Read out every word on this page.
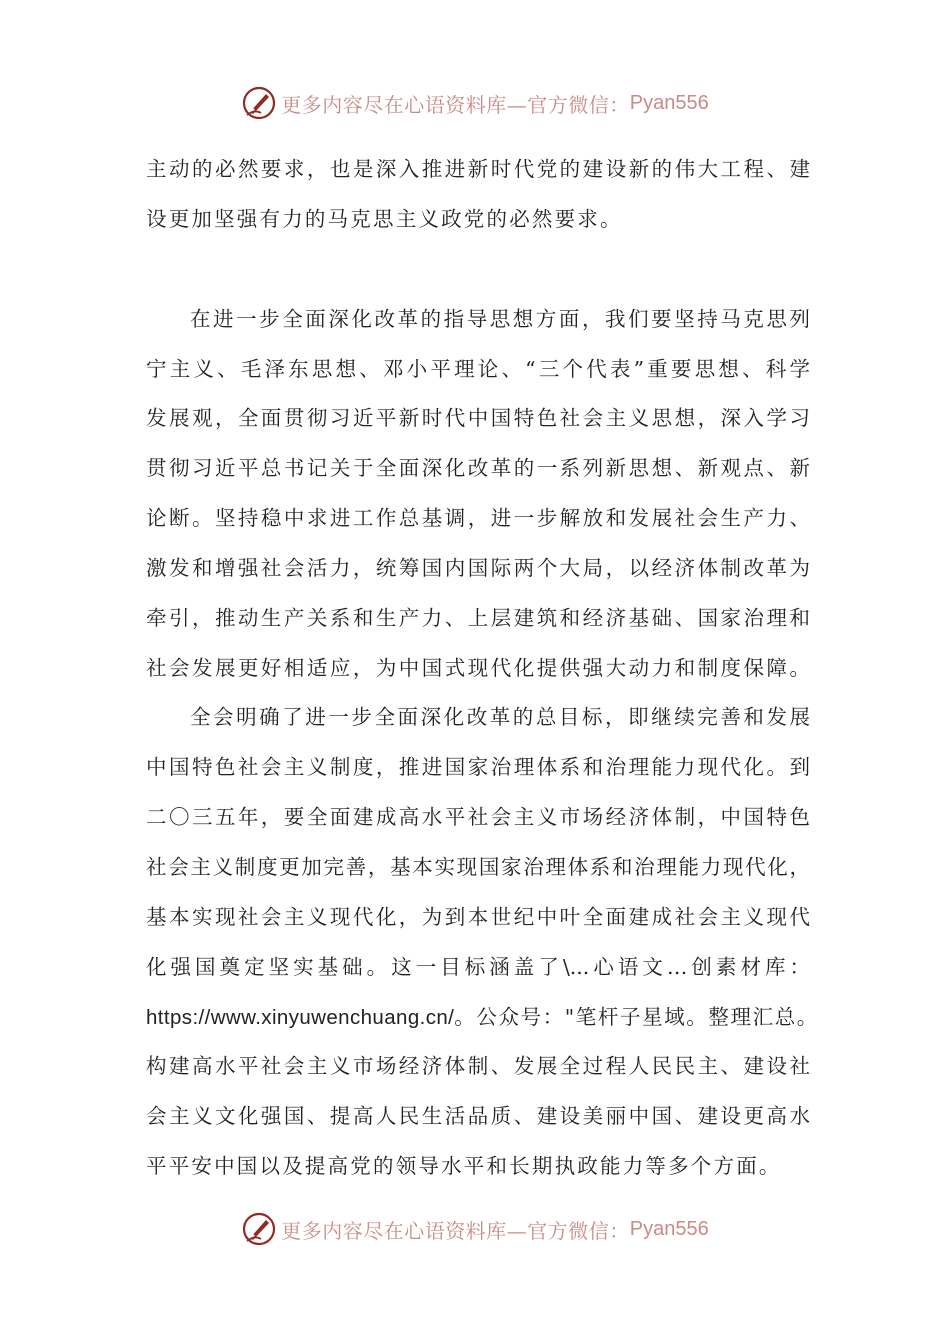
更多内容尽在心语资料库—官方微信： Pyan556
主动的必然要求，也是深入推进新时代党的建设新的伟大工程、建
设更加坚强有力的马克思主义政党的必然要求。
在进一步全面深化改革的指导思想方面，我们要坚持马克思列
宁主义、毛泽东思想、邓小平理论、“三个代表”重要思想、科学
发展观，全面贯彻习近平新时代中国特色社会主义思想，深入学习
贯彻习近平总书记关于全面深化改革的一系列新思想、新观点、新
论断。坚持稳中求进工作总基调，进一步解放和发展社会生产力、
激发和增强社会活力，统筹国内国际两个大局，以经济体制改革为
牵引，推动生产关系和生产力、上层建筑和经济基础、国家治理和
社会发展更好相适应，为中国式现代化提供强大动力和制度保障。
全会明确了进一步全面深化改革的总目标，即继续完善和发展
中国特色社会主义制度，推进国家治理体系和治理能力现代化。到
二〇三五年，要全面建成高水平社会主义市场经济体制，中国特色
社会主义制度更加完善，基本实现国家治理体系和治理能力现代化，
基本实现社会主义现代化，为到本世纪中叶全面建成社会主义现代
化强国奠定坚实基础。这一目标涵盖了\...心语文…创素材库：
https://www.xinyuwenchuang.cn/。公众号："笔杆子星域。整理汇总。
构建高水平社会主义市场经济体制、发展全过程人民民主、建设社
会主义文化强国、提高人民生活品质、建设美丽中国、建设更高水
平平安中国以及提高党的领导水平和长期执政能力等多个方面。
更多内容尽在心语资料库—官方微信： Pyan556
